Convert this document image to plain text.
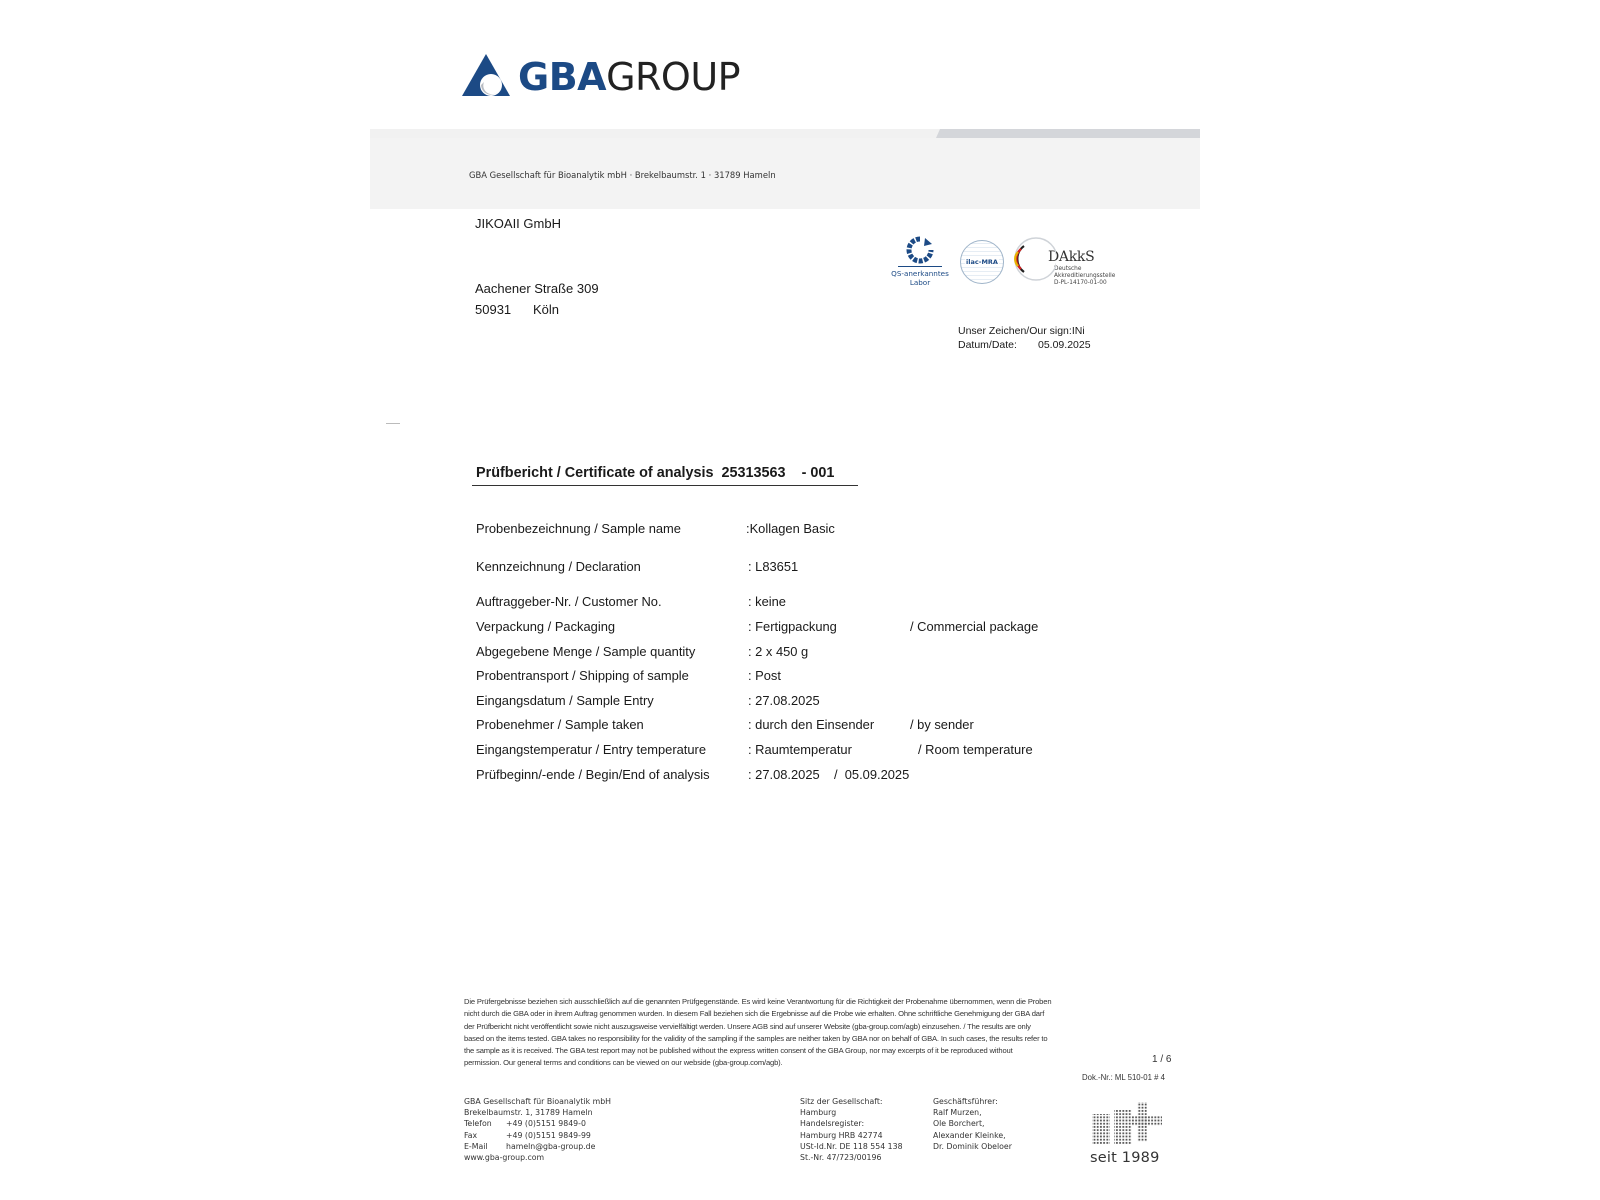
GBAGROUP
GBA Gesellschaft für Bioanalytik mbH · Brekelbaumstr. 1 · 31789 Hameln
JIKOAII GmbH
Aachener Straße 309
50931 Köln
QS-anerkanntes
Labor
ilac-MRA	DAkkS
Deutsche
Akkreditierungsstelle
D-PL-14170-01-00
Unser Zeichen/Our sign:INi
Datum/Date: 05.09.2025
Prüfbericht / Certificate of analysis 25313563 - 001
Probenbezeichnung / Sample name	:Kollagen Basic
Kennzeichnung / Declaration	: L83651
Auftraggeber-Nr. / Customer No.	: keine
Verpackung / Packaging	: Fertigpackung	/ Commercial package
Abgegebene Menge / Sample quantity	: 2 x 450 g
Probentransport / Shipping of sample	: Post
Eingangsdatum / Sample Entry	: 27.08.2025
Probenehmer / Sample taken	: durch den Einsender	/ by sender
Eingangstemperatur / Entry temperature	: Raumtemperatur	/ Room temperature
Prüfbeginn/-ende / Begin/End of analysis	: 27.08.2025    /  05.09.2025
Die Prüfergebnisse beziehen sich ausschließlich auf die genannten Prüfgegenstände. Es wird keine Verantwortung für die Richtigkeit der Probenahme übernommen, wenn die Proben
nicht durch die GBA oder in ihrem Auftrag genommen wurden. In diesem Fall beziehen sich die Ergebnisse auf die Probe wie erhalten. Ohne schriftliche Genehmigung der GBA darf
der Prüfbericht nicht veröffentlicht sowie nicht auszugsweise vervielfältigt werden. Unsere AGB sind auf unserer Website (gba-group.com/agb) einzusehen. / The results are only
based on the items tested. GBA takes no responsibility for the validity of the sampling if the samples are neither taken by GBA nor on behalf of GBA. In such cases, the results refer to
the sample as it is received. The GBA test report may not be published without the express written consent of the GBA Group, nor may excerpts of it be reproduced without
permission. Our general terms and conditions can be viewed on our webside (gba-group.com/agb).	1 / 6
Dok.-Nr.: ML 510-01 # 4
GBA Gesellschaft für Bioanalytik mbH
Brekelbaumstr. 1, 31789 Hameln
Telefon	+49 (0)5151 9849-0
Fax	+49 (0)5151 9849-99
E-Mail	hameln@gba-group.de
www.gba-group.com
Sitz der Gesellschaft:
Hamburg
Handelsregister:
Hamburg HRB 42774
USt-Id.Nr. DE 118 554 138
St.-Nr. 47/723/00196
Geschäftsführer:
Ralf Murzen,
Ole Borchert,
Alexander Kleinke,
Dr. Dominik Obeloer
seit 1989
